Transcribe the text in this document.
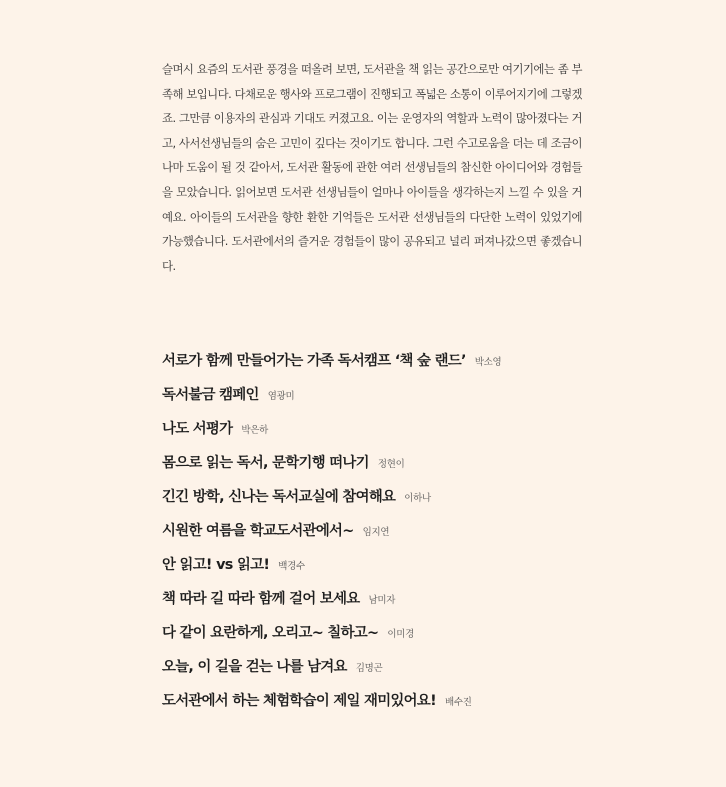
슬며시 요즘의 도서관 풍경을 떠올려 보면, 도서관을 책 읽는 공간으로만 여기기에는 좀 부족해 보입니다. 다채로운 행사와 프로그램이 진행되고 폭넓은 소통이 이루어지기에 그렇겠죠. 그만큼 이용자의 관심과 기대도 커졌고요. 이는 운영자의 역할과 노력이 많아졌다는 거고, 사서선생님들의 숨은 고민이 깊다는 것이기도 합니다. 그런 수고로움을 더는 데 조금이나마 도움이 될 것 같아서, 도서관 활동에 관한 여러 선생님들의 참신한 아이디어와 경험들을 모았습니다. 읽어보면 도서관 선생님들이 얼마나 아이들을 생각하는지 느낄 수 있을 거예요. 아이들의 도서관을 향한 환한 기억들은 도서관 선생님들의 다단한 노력이 있었기에 가능했습니다. 도서관에서의 즐거운 경험들이 많이 공유되고 널리 퍼져나갔으면 좋겠습니다.

서로가 함께 만들어가는 가족 독서캠프 ‘책 숲 랜드’ 박소영
독서불금 캠페인 염광미
나도 서평가 박은하
몸으로 읽는 독서, 문학기행 떠나기 정현이
긴긴 방학, 신나는 독서교실에 참여해요 이하나
시원한 여름을 학교도서관에서~ 임지연
안 읽고! vs 읽고! 백경수
책 따라 길 따라 함께 걸어 보세요 남미자
다 같이 요란하게, 오리고~ 칠하고~ 이미경
오늘, 이 길을 걷는 나를 남겨요 김명곤
도서관에서 하는 체험학습이 제일 재미있어요! 배수진
